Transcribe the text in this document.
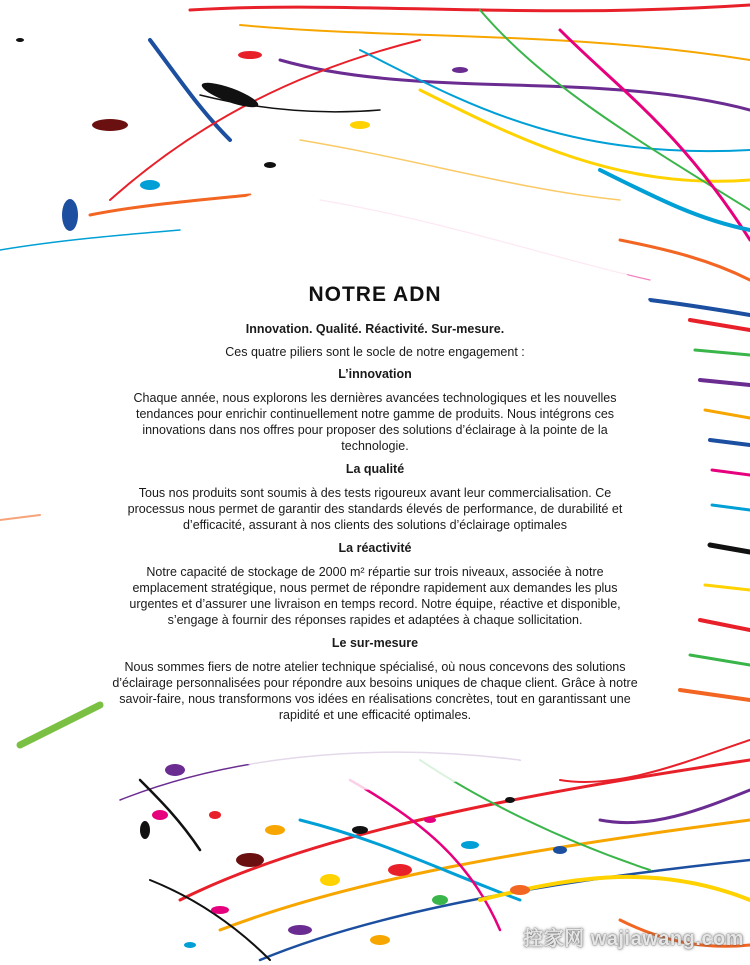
NOTRE ADN

Innovation. Qualité. Réactivité. Sur-mesure.

Ces quatre piliers sont le socle de notre engagement :

L’innovation

Chaque année, nous explorons les dernières avancées technologiques et les nouvelles tendances pour enrichir continuellement notre gamme de produits. Nous intégrons ces innovations dans nos offres pour proposer des solutions d’éclairage à la pointe de la technologie.

La qualité

Tous nos produits sont soumis à des tests rigoureux avant leur commercialisation. Ce processus nous permet de garantir des standards élevés de performance, de durabilité et d’efficacité, assurant à nos clients des solutions d’éclairage optimales

La réactivité

Notre capacité de stockage de 2000 m² répartie sur trois niveaux, associée à notre emplacement stratégique, nous permet de répondre rapidement aux demandes les plus urgentes et d’assurer une livraison en temps record. Notre équipe, réactive et disponible, s’engage à fournir des réponses rapides et adaptées à chaque sollicitation.

Le sur-mesure

Nous sommes fiers de notre atelier technique spécialisé, où nous concevons des solutions d’éclairage personnalisées pour répondre aux besoins uniques de chaque client. Grâce à notre savoir-faire, nous transformons vos idées en réalisations concrètes, tout en garantissant une rapidité et une efficacité optimales.

控家网 wajiawang.com
